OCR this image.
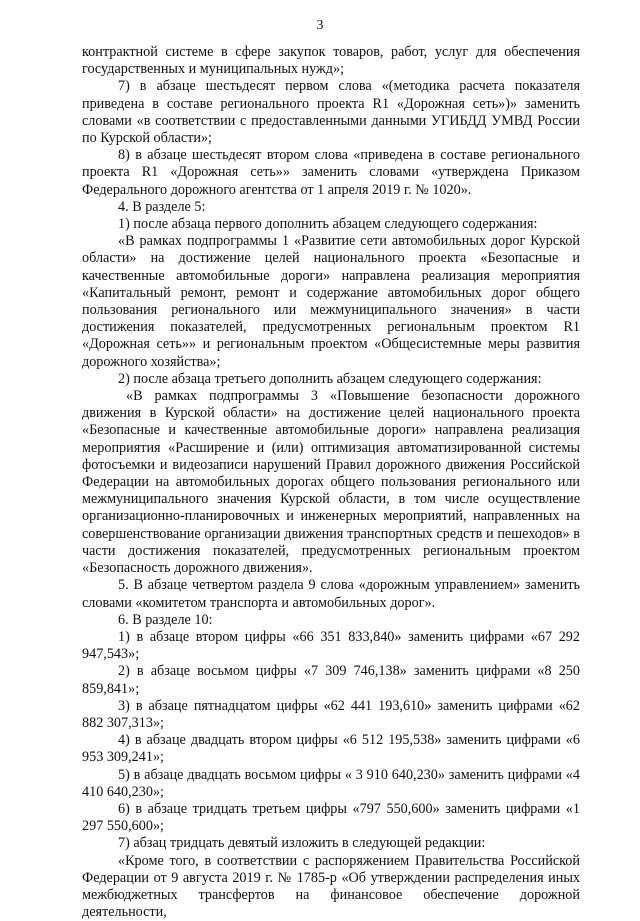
3

контрактной системе в сфере закупок товаров, работ, услуг для обеспечения государственных и муниципальных нужд»;

7) в абзаце шестьдесят первом слова «(методика расчета показателя приведена в составе регионального проекта R1 «Дорожная сеть»)» заменить словами «в соответствии с предоставленными данными УГИБДД УМВД России по Курской области»;

8) в абзаце шестьдесят втором слова «приведена в составе регионального проекта R1 «Дорожная сеть»» заменить словами «утверждена Приказом Федерального дорожного агентства от 1 апреля 2019 г. № 1020».

4. В разделе 5:

1) после абзаца первого дополнить абзацем следующего содержания:

«В рамках подпрограммы 1 «Развитие сети автомобильных дорог Курской области» на достижение целей национального проекта «Безопасные и качественные автомобильные дороги» направлена реализация мероприятия «Капитальный ремонт, ремонт и содержание автомобильных дорог общего пользования регионального или межмуниципального значения» в части достижения показателей, предусмотренных региональным проектом R1 «Дорожная сеть»» и региональным проектом «Общесистемные меры развития дорожного хозяйства»;

2) после абзаца третьего дополнить абзацем следующего содержания:

«В рамках подпрограммы 3 «Повышение безопасности дорожного движения в Курской области» на достижение целей национального проекта «Безопасные и качественные автомобильные дороги» направлена реализация мероприятия «Расширение и (или) оптимизация автоматизированной системы фотосъемки и видеозаписи нарушений Правил дорожного движения Российской Федерации на автомобильных дорогах общего пользования регионального или межмуниципального значения Курской области, в том числе осуществление организационно-планировочных и инженерных мероприятий, направленных на совершенствование организации движения транспортных средств и пешеходов» в части достижения показателей, предусмотренных региональным проектом «Безопасность дорожного движения».

5. В абзаце четвертом раздела 9 слова «дорожным управлением» заменить словами «комитетом транспорта и автомобильных дорог».

6. В разделе 10:

1) в абзаце втором цифры «66 351 833,840» заменить цифрами «67 292 947,543»;

2) в абзаце восьмом цифры «7 309 746,138» заменить цифрами «8 250 859,841»;

3) в абзаце пятнадцатом цифры «62 441 193,610» заменить цифрами «62 882 307,313»;

4) в абзаце двадцать втором цифры «6 512 195,538» заменить цифрами «6 953 309,241»;

5) в абзаце двадцать восьмом цифры « 3 910 640,230» заменить цифрами «4 410 640,230»;

6) в абзаце тридцать третьем цифры «797 550,600» заменить цифрами «1 297 550,600»;

7) абзац тридцать девятый изложить в следующей редакции:

«Кроме того, в соответствии с распоряжением Правительства Российской Федерации от 9 августа 2019 г. № 1785-р «Об утверждении распределения иных межбюджетных трансфертов на финансовое обеспечение дорожной деятельности,
